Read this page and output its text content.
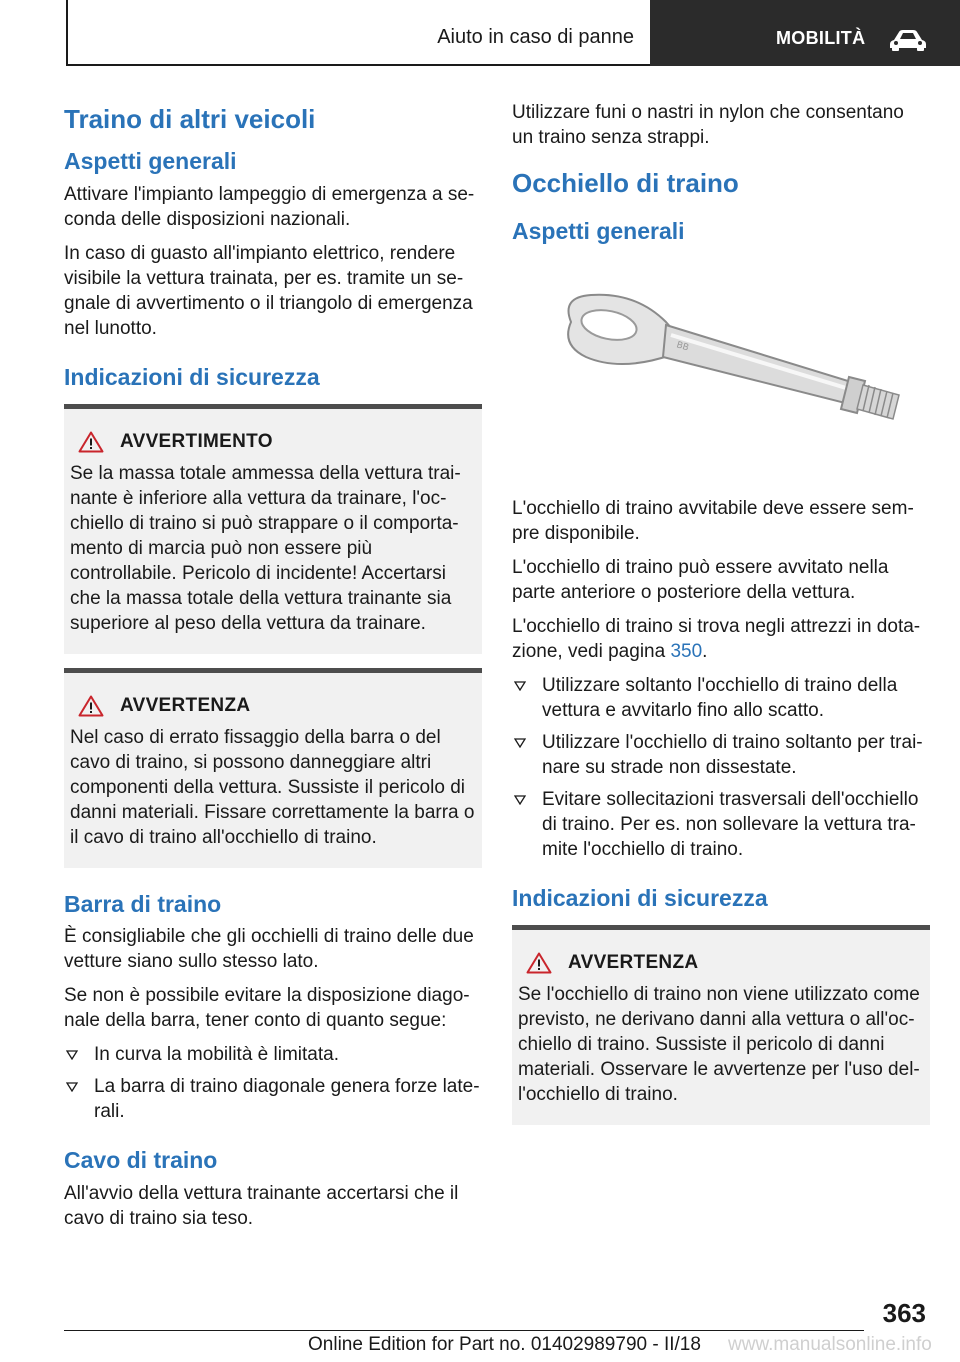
Aiuto in caso di panne	MOBILITÀ
Traino di altri veicoli
Aspetti generali

Attivare l'impianto lampeggio di emergenza a se-conda delle disposizioni nazionali.

In caso di guasto all'impianto elettrico, rendere visibile la vettura trainata, per es. tramite un se-gnale di avvertimento o il triangolo di emergenza nel lunotto.

Indicazioni di sicurezza
AVVERTIMENTO

Se la massa totale ammessa della vettura trai-nante è inferiore alla vettura da trainare, l'oc-chiello di traino si può strappare o il comporta-mento di marcia può non essere più controllabile. Pericolo di incidente! Accertarsi che la massa totale della vettura trainante sia superiore al peso della vettura da trainare.

AVVERTENZA

Nel caso di errato fissaggio della barra o del cavo di traino, si possono danneggiare altri componenti della vettura. Sussiste il pericolo di danni materiali. Fissare correttamente la barra o il cavo di traino all'occhiello di traino.

Barra di traino

È consigliabile che gli occhielli di traino delle due vetture siano sullo stesso lato.

Se non è possibile evitare la disposizione diago-nale della barra, tener conto di quanto segue:

In curva la mobilità è limitata.
La barra di traino diagonale genera forze late-rali.
Cavo di traino

All'avvio della vettura trainante accertarsi che il cavo di traino sia teso.

Utilizzare funi o nastri in nylon che consentano un traino senza strappi.

Occhiello di traino
Aspetti generali
BB

L'occhiello di traino avvitabile deve essere sem-pre disponibile.

L'occhiello di traino può essere avvitato nella parte anteriore o posteriore della vettura.

L'occhiello di traino si trova negli attrezzi in dota-zione, vedi pagina 350.

Utilizzare soltanto l'occhiello di traino della vettura e avvitarlo fino allo scatto.
Utilizzare l'occhiello di traino soltanto per trai-nare su strade non dissestate.
Evitare sollecitazioni trasversali dell'occhiello di traino. Per es. non sollevare la vettura tra-mite l'occhiello di traino.
Indicazioni di sicurezza
AVVERTENZA

Se l'occhiello di traino non viene utilizzato come previsto, ne derivano danni alla vettura o all'oc-chiello di traino. Sussiste il pericolo di danni materiali. Osservare le avvertenze per l'uso del-l'occhiello di traino.

363
Online Edition for Part no. 01402989790 - II/18 www.manualsonline.info
